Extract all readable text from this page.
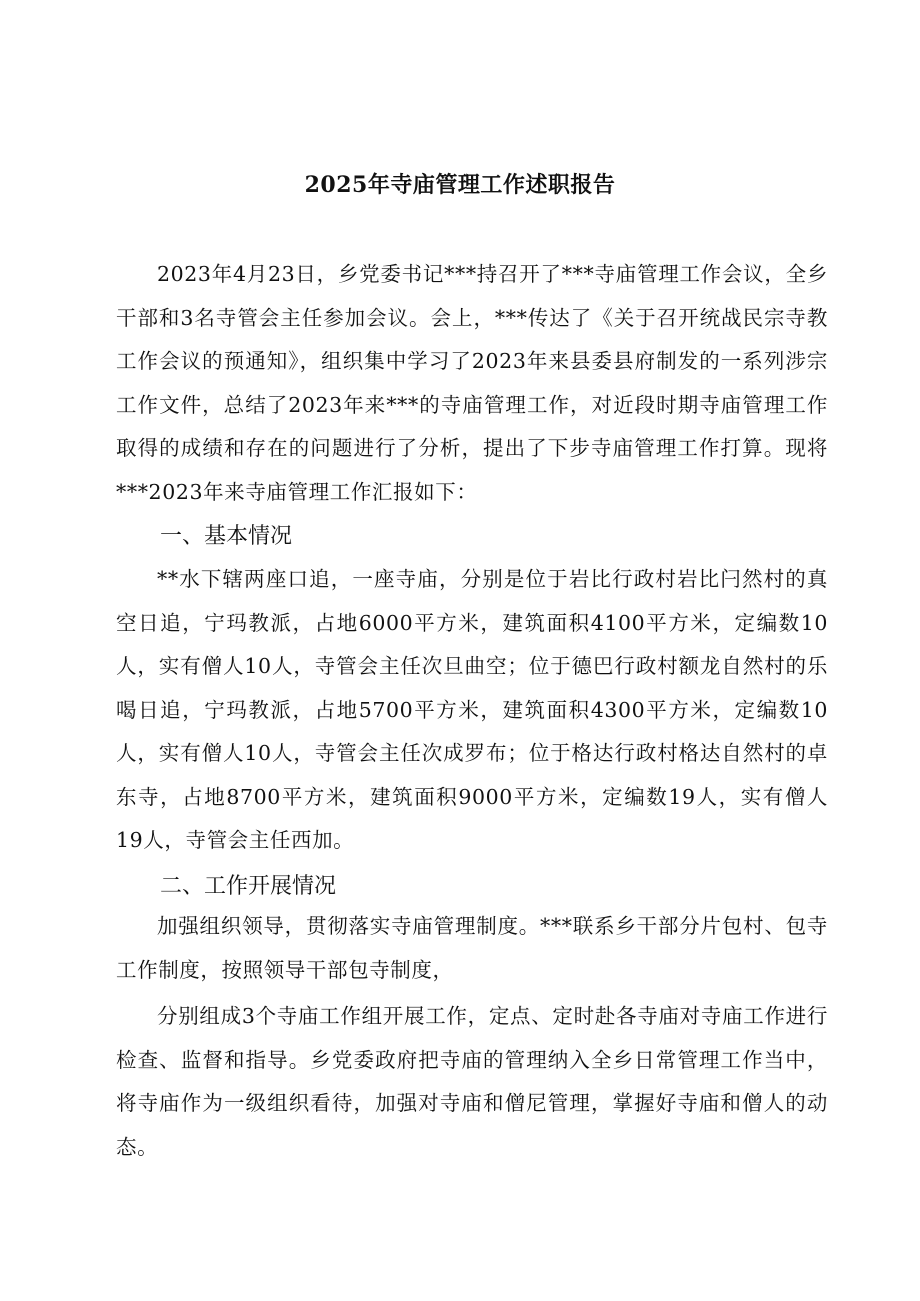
2025年寺庙管理工作述职报告

2023年4月23日，乡党委书记***持召开了***寺庙管理工作会议，全乡干部和3名寺管会主任参加会议。会上，***传达了《关于召开统战民宗寺教工作会议的预通知》，组织集中学习了2023年来县委县府制发的一系列涉宗工作文件，总结了2023年来***的寺庙管理工作，对近段时期寺庙管理工作取得的成绩和存在的问题进行了分析，提出了下步寺庙管理工作打算。现将***2023年来寺庙管理工作汇报如下：

一、基本情况

**水下辖两座口追，一座寺庙，分别是位于岩比行政村岩比闩然村的真空日追，宁玛教派，占地6000平方米，建筑面积4100平方米，定编数10人，实有僧人10人，寺管会主任次旦曲空；位于德巴行政村额龙自然村的乐喝日追，宁玛教派，占地5700平方米，建筑面积4300平方米，定编数10人，实有僧人10人，寺管会主任次成罗布；位于格达行政村格达自然村的卓东寺，占地8700平方米，建筑面积9000平方米，定编数19人，实有僧人19人，寺管会主任西加。

二、工作开展情况

加强组织领导，贯彻落实寺庙管理制度。***联系乡干部分片包村、包寺工作制度，按照领导干部包寺制度，

分别组成3个寺庙工作组开展工作，定点、定时赴各寺庙对寺庙工作进行检查、监督和指导。乡党委政府把寺庙的管理纳入全乡日常管理工作当中，将寺庙作为一级组织看待，加强对寺庙和僧尼管理，掌握好寺庙和僧人的动态。
